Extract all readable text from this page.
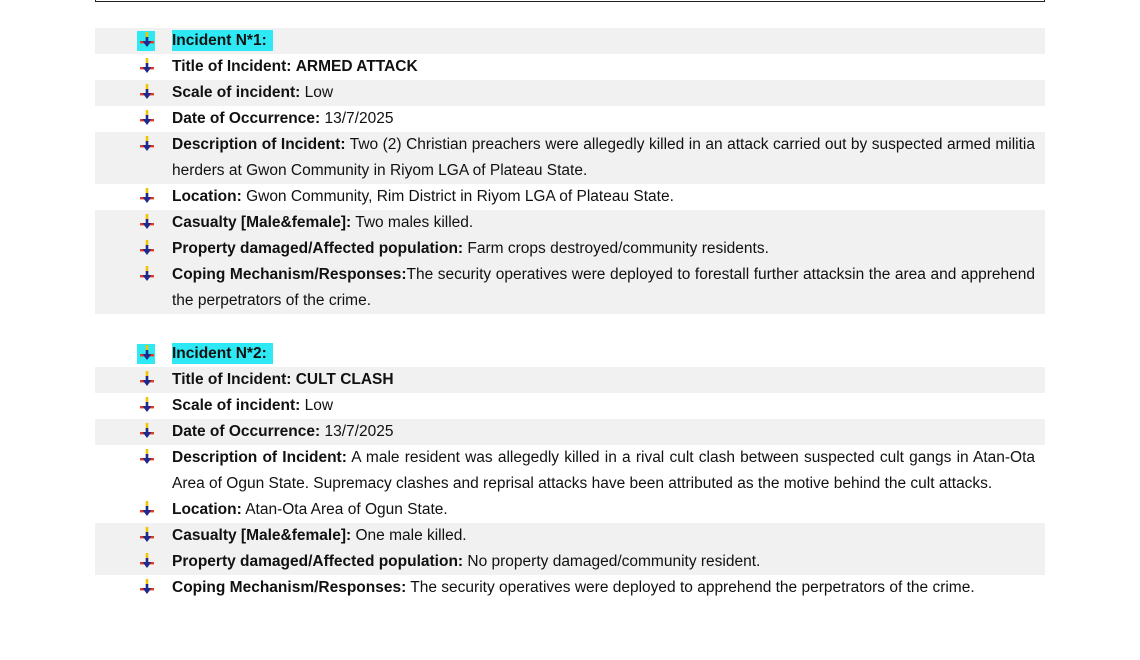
Incident N*1:
Title of Incident: ARMED ATTACK
Scale of incident: Low
Date of Occurrence: 13/7/2025
Description of Incident: Two (2) Christian preachers were allegedly killed in an attack carried out by suspected armed militia herders at Gwon Community in Riyom LGA of Plateau State.
Location: Gwon Community, Rim District in Riyom LGA of Plateau State.
Casualty [Male&female]: Two males killed.
Property damaged/Affected population: Farm crops destroyed/community residents.
Coping Mechanism/Responses:The security operatives were deployed to forestall further attacksin the area and apprehend the perpetrators of the crime.
Incident N*2:
Title of Incident: CULT CLASH
Scale of incident: Low
Date of Occurrence: 13/7/2025
Description of Incident: A male resident was allegedly killed in a rival cult clash between suspected cult gangs in Atan-Ota Area of Ogun State. Supremacy clashes and reprisal attacks have been attributed as the motive behind the cult attacks.
Location: Atan-Ota Area of Ogun State.
Casualty [Male&female]: One male killed.
Property damaged/Affected population: No property damaged/community resident.
Coping Mechanism/Responses: The security operatives were deployed to apprehend the perpetrators of the crime.
